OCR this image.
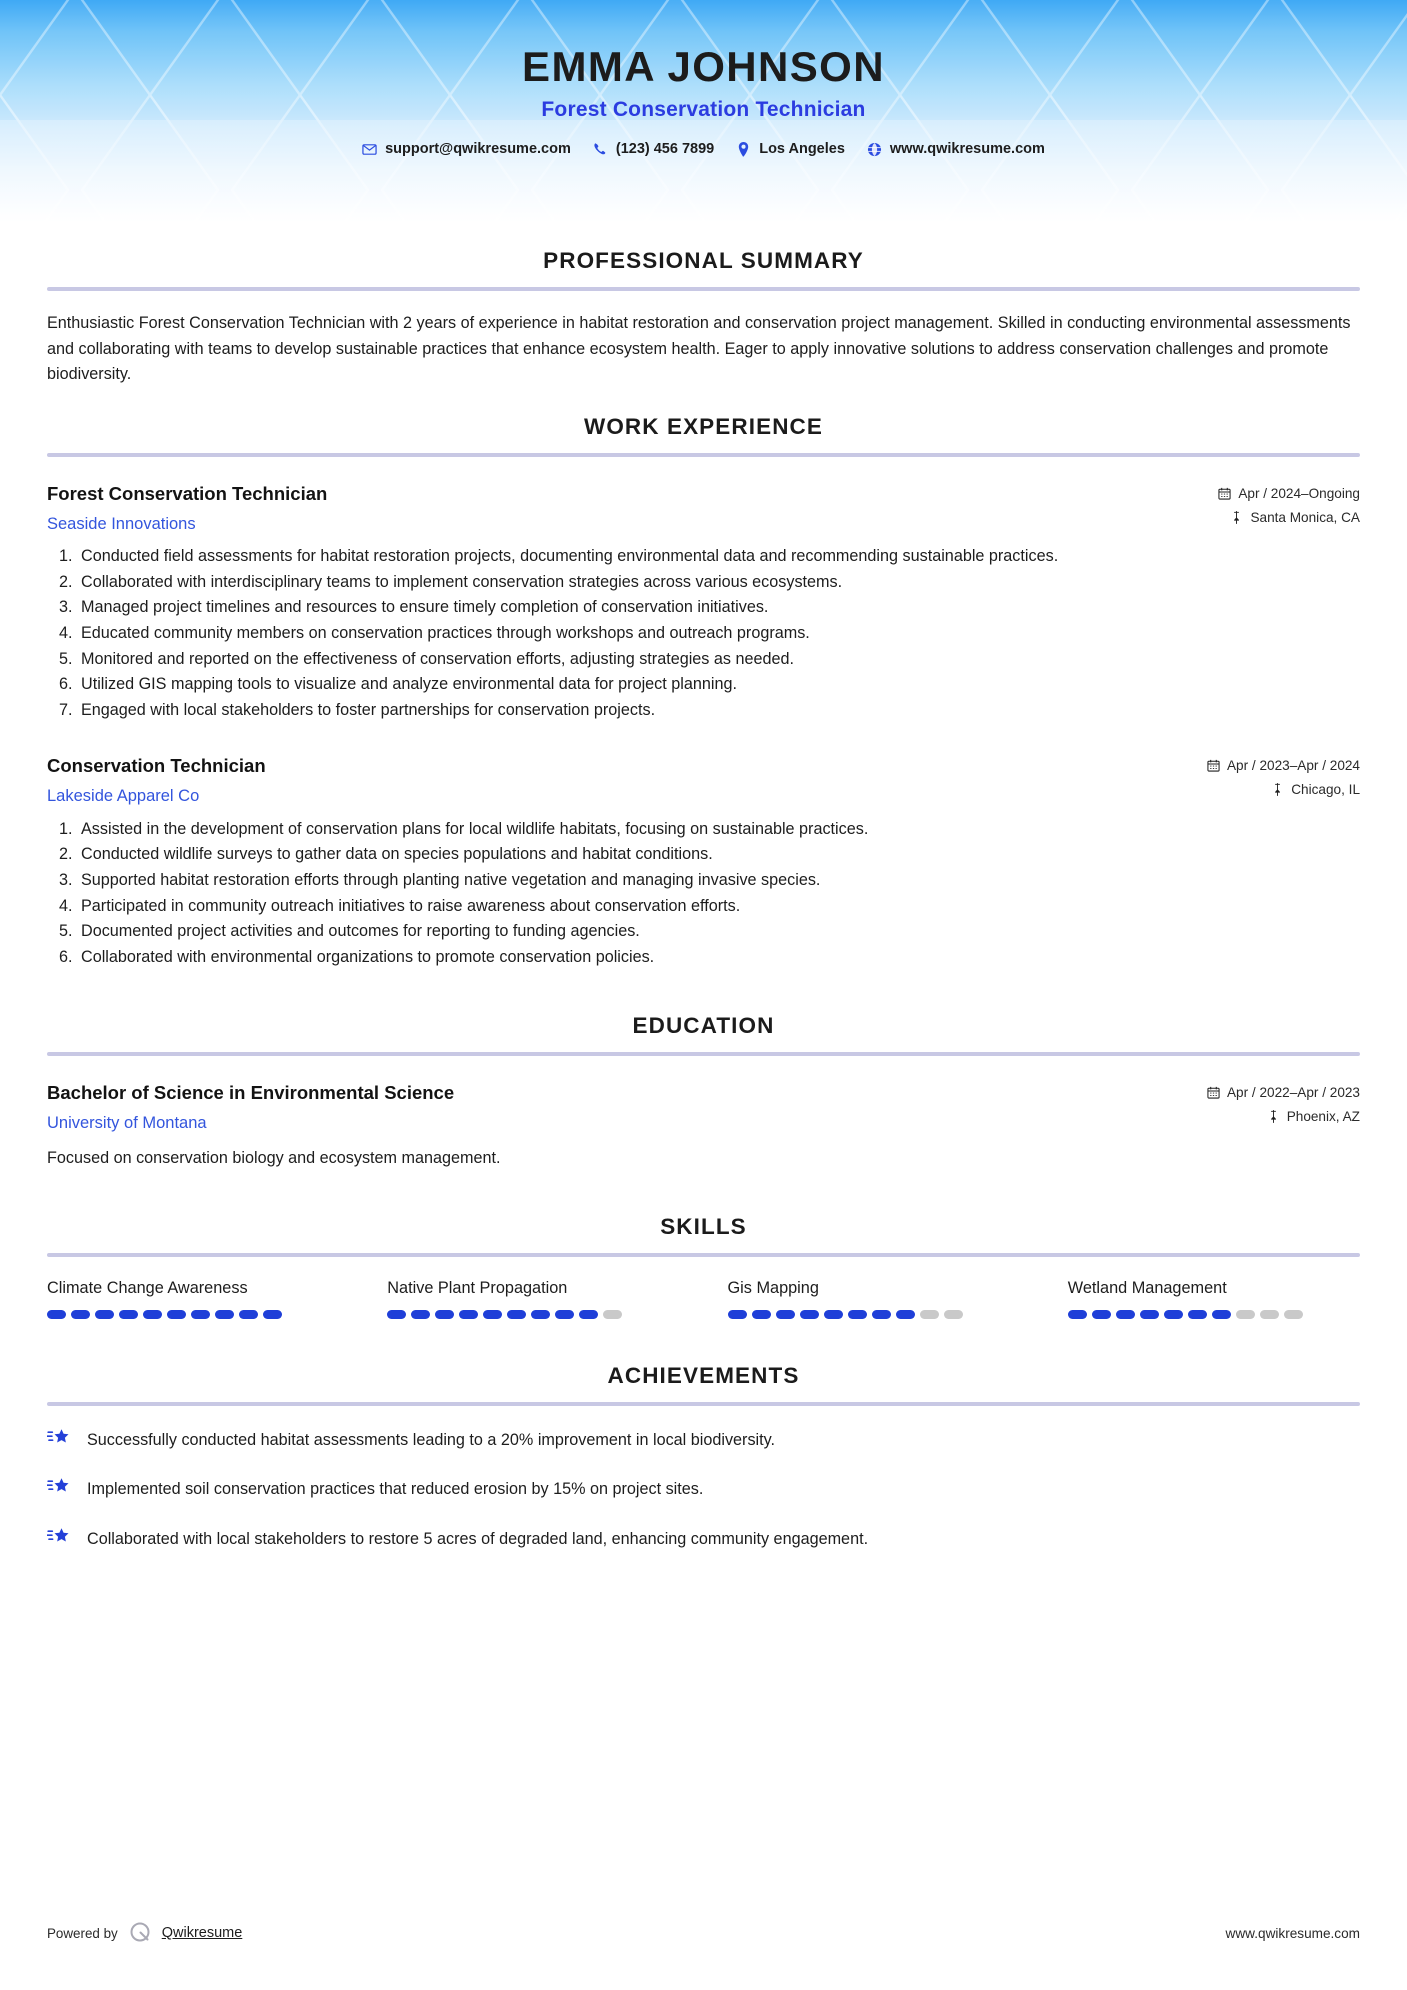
EMMA JOHNSON
Forest Conservation Technician
support@qwikresume.com	(123) 456 7899	Los Angeles	www.qwikresume.com
PROFESSIONAL SUMMARY
Enthusiastic Forest Conservation Technician with 2 years of experience in habitat restoration and conservation project management. Skilled in conducting environmental assessments and collaborating with teams to develop sustainable practices that enhance ecosystem health. Eager to apply innovative solutions to address conservation challenges and promote biodiversity.
WORK EXPERIENCE
Forest Conservation Technician
Seaside Innovations
Apr / 2024–Ongoing
Santa Monica, CA
1. Conducted field assessments for habitat restoration projects, documenting environmental data and recommending sustainable practices.
2. Collaborated with interdisciplinary teams to implement conservation strategies across various ecosystems.
3. Managed project timelines and resources to ensure timely completion of conservation initiatives.
4. Educated community members on conservation practices through workshops and outreach programs.
5. Monitored and reported on the effectiveness of conservation efforts, adjusting strategies as needed.
6. Utilized GIS mapping tools to visualize and analyze environmental data for project planning.
7. Engaged with local stakeholders to foster partnerships for conservation projects.
Conservation Technician
Lakeside Apparel Co
Apr / 2023–Apr / 2024
Chicago, IL
1. Assisted in the development of conservation plans for local wildlife habitats, focusing on sustainable practices.
2. Conducted wildlife surveys to gather data on species populations and habitat conditions.
3. Supported habitat restoration efforts through planting native vegetation and managing invasive species.
4. Participated in community outreach initiatives to raise awareness about conservation efforts.
5. Documented project activities and outcomes for reporting to funding agencies.
6. Collaborated with environmental organizations to promote conservation policies.
EDUCATION
Bachelor of Science in Environmental Science
University of Montana
Apr / 2022–Apr / 2023
Phoenix, AZ
Focused on conservation biology and ecosystem management.
SKILLS
Climate Change Awareness	Native Plant Propagation	Gis Mapping	Wetland Management
ACHIEVEMENTS
Successfully conducted habitat assessments leading to a 20% improvement in local biodiversity.
Implemented soil conservation practices that reduced erosion by 15% on project sites.
Collaborated with local stakeholders to restore 5 acres of degraded land, enhancing community engagement.
Powered by	Qwikresume	www.qwikresume.com
